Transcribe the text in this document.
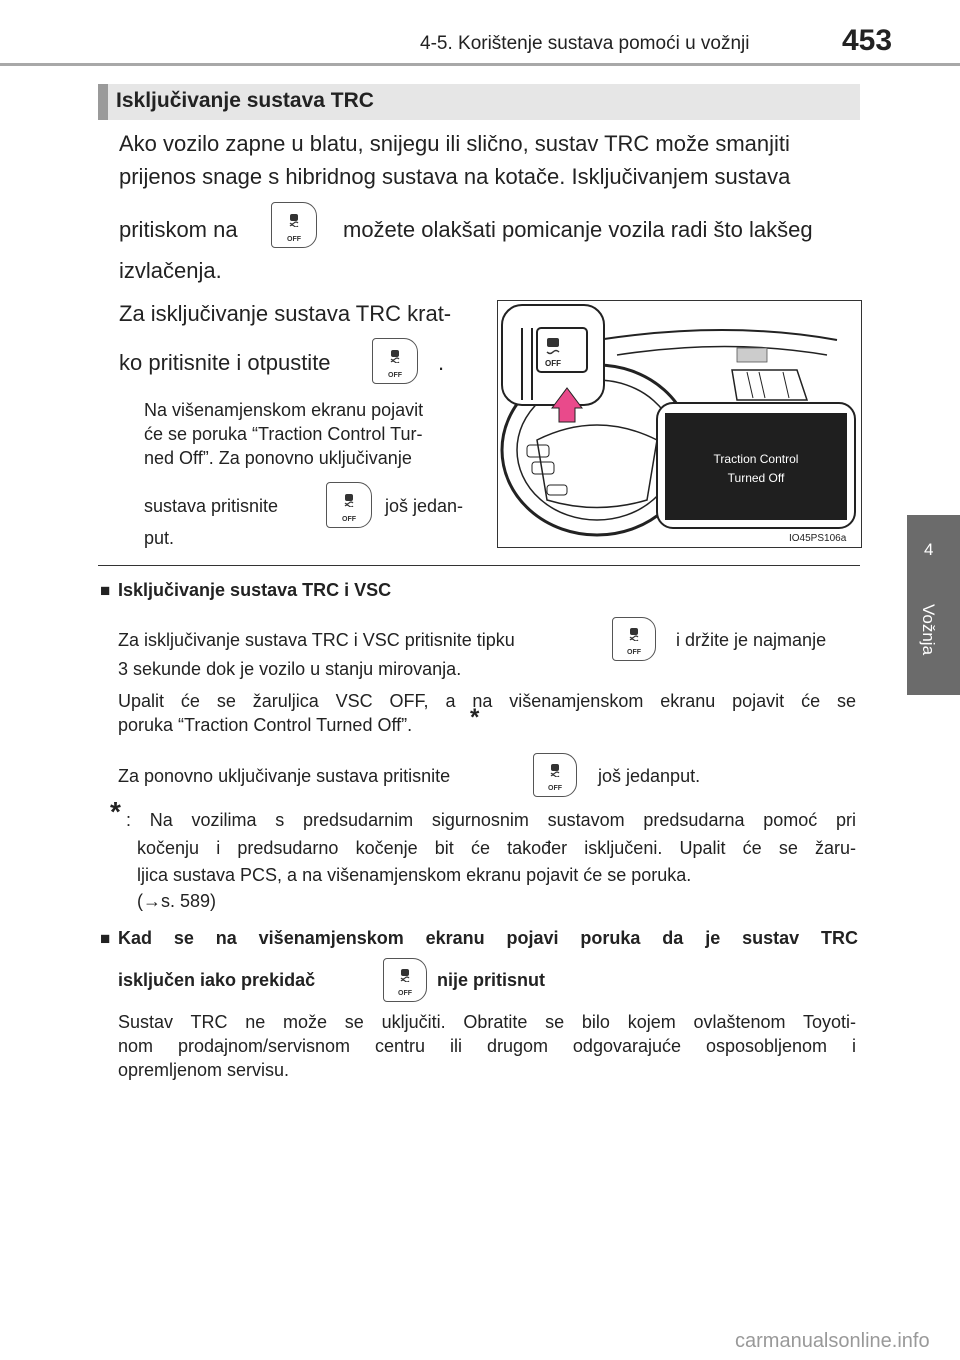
4-5. Korištenje sustava pomoći u vožnji	453
4
Vožnja
Isključivanje sustava TRC
Ako vozilo zapne u blatu, snijegu ili slično, sustav TRC može smanjiti
prijenos snage s hibridnog sustava na kotače. Isključivanjem sustava
pritiskom na	OFF možete olakšati pomicanje vozila radi što lakšeg
izvlačenja.
Za isključivanje sustava TRC krat-
ko pritisnite i otpustite
OFF
.
Na višenamjenskom ekranu pojavit
će se poruka “Traction Control Tur-
ned Off”. Za ponovno uključivanje
sustava pritisnite
OFF
još jedan-
put.
OFF
Traction Control
Turned Off
IO45PS106a
■ Isključivanje sustava TRC i VSC
Za isključivanje sustava TRC i VSC pritisnite tipku
OFF
i držite je najmanje
3 sekunde dok je vozilo u stanju mirovanja.
Upalit će se žaruljica VSC OFF, a na višenamjenskom ekranu pojavit će se
poruka “Traction Control Turned Off”. *
Za ponovno uključivanje sustava pritisnite
OFF
još jedanput.
* : Na vozilima s predsudarnim sigurnosnim sustavom predsudarna pomoć pri
kočenju i predsudarno kočenje bit će također isključeni. Upalit će se žaru-
ljica sustava PCS, a na višenamjenskom ekranu pojavit će se poruka.
(→s. 589)
■ Kad se na višenamjenskom ekranu pojavi poruka da je sustav TRC
isključen iako prekidač
OFF
nije pritisnut
Sustav TRC ne može se uključiti. Obratite se bilo kojem ovlaštenom Toyoti-
nom prodajnom/servisnom centru ili drugom odgovarajuće osposobljenom i
opremljenom servisu.
carmanualsonline.info
